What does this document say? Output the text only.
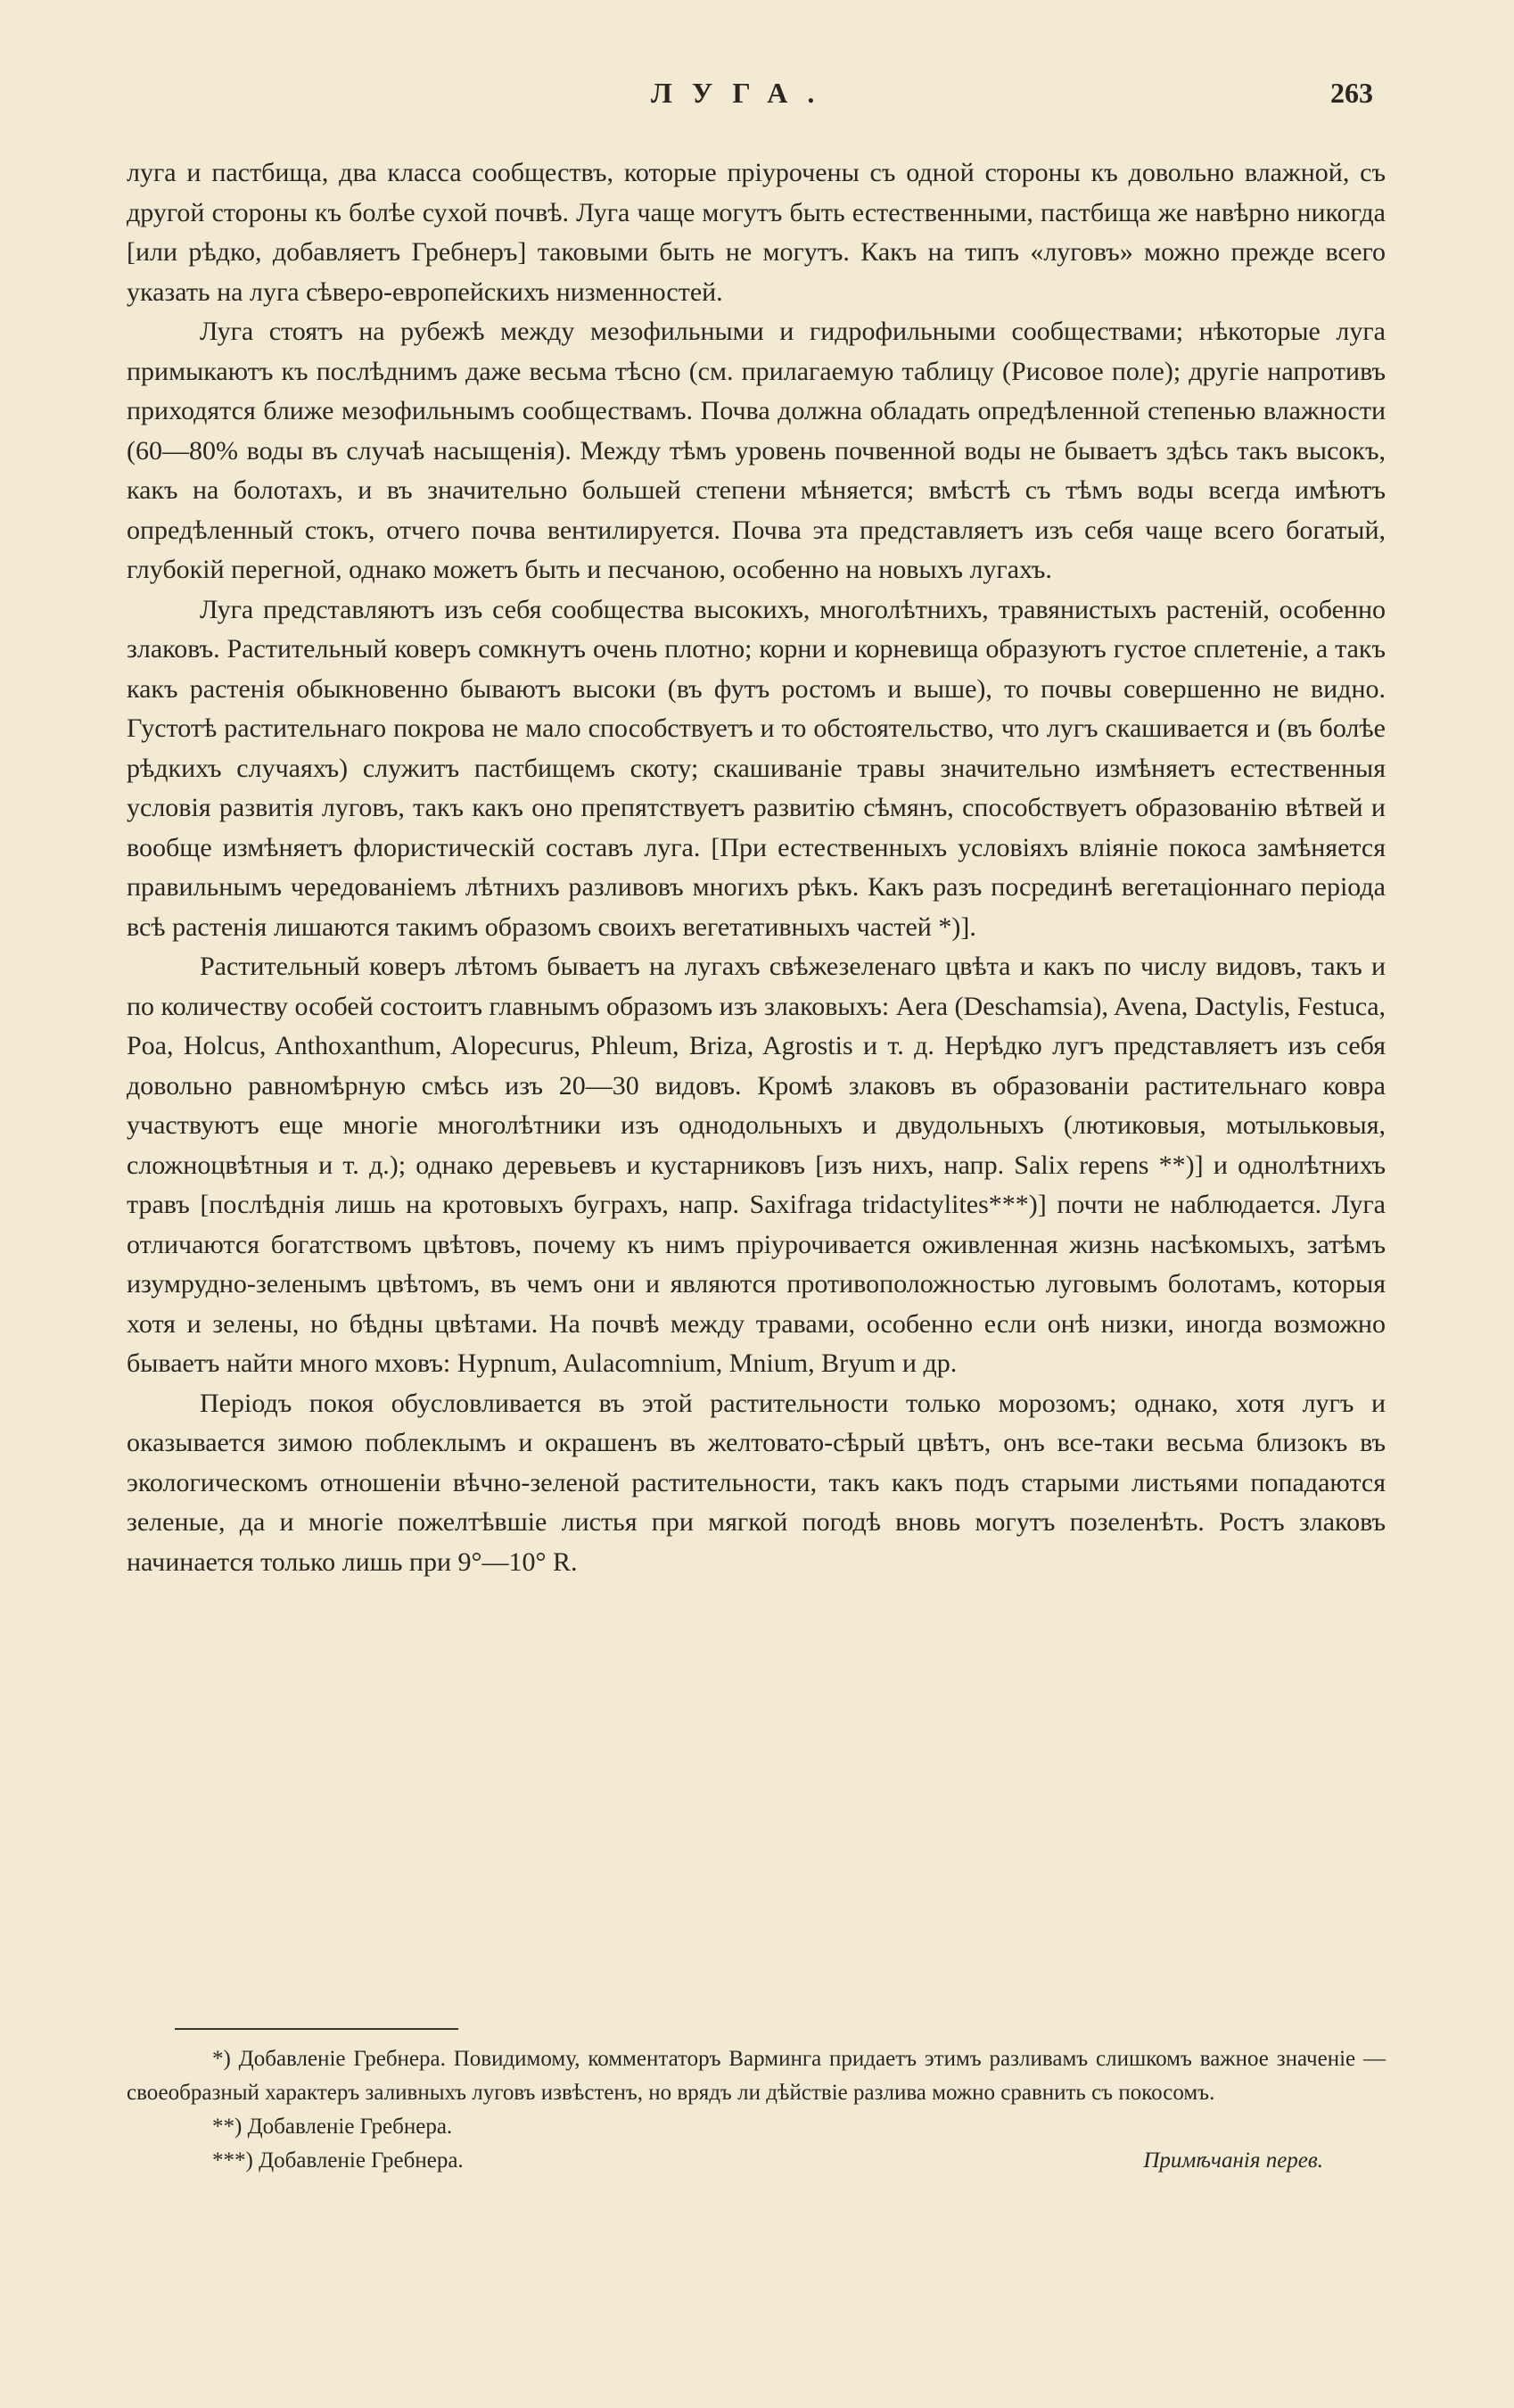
ЛУГА.	263

луга и пастбища, два класса сообществъ, которые пріурочены съ одной стороны къ довольно влажной, съ другой стороны къ болѣе сухой почвѣ. Луга чаще могутъ быть естественными, пастбища же навѣрно никогда [или рѣдко, добавляетъ Гребнеръ] таковыми быть не могутъ. Какъ на типъ «луговъ» можно прежде всего указать на луга сѣверо-европейскихъ низменностей.

Луга стоятъ на рубежѣ между мезофильными и гидрофильными сообществами; нѣкоторые луга примыкаютъ къ послѣднимъ даже весьма тѣсно (см. прилагаемую таблицу (Рисовое поле); другіе напротивъ приходятся ближе мезофильнымъ сообществамъ. Почва должна обладать опредѣленной степенью влажности (60—80% воды въ случаѣ насыщенія). Между тѣмъ уровень почвенной воды не бываетъ здѣсь такъ высокъ, какъ на болотахъ, и въ значительно большей степени мѣняется; вмѣстѣ съ тѣмъ воды всегда имѣютъ опредѣленный стокъ, отчего почва вентилируется. Почва эта представляетъ изъ себя чаще всего богатый, глубокій перегной, однако можетъ быть и песчаною, особенно на новыхъ лугахъ.

Луга представляютъ изъ себя сообщества высокихъ, многолѣтнихъ, травянистыхъ растеній, особенно злаковъ. Растительный коверъ сомкнутъ очень плотно; корни и корневища образуютъ густое сплетеніе, а такъ какъ растенія обыкновенно бываютъ высоки (въ футъ ростомъ и выше), то почвы совершенно не видно. Густотѣ растительнаго покрова не мало способствуетъ и то обстоятельство, что лугъ скашивается и (въ болѣе рѣдкихъ случаяхъ) служитъ пастбищемъ скоту; скашиваніе травы значительно измѣняетъ естественныя условія развитія луговъ, такъ какъ оно препятствуетъ развитію сѣмянъ, способствуетъ образованію вѣтвей и вообще измѣняетъ флористическій составъ луга. [При естественныхъ условіяхъ вліяніе покоса замѣняется правильнымъ чередованіемъ лѣтнихъ разливовъ многихъ рѣкъ. Какъ разъ посрединѣ вегетаціоннаго періода всѣ растенія лишаются такимъ образомъ своихъ вегетативныхъ частей *)].

Растительный коверъ лѣтомъ бываетъ на лугахъ свѣжезеленаго цвѣта и какъ по числу видовъ, такъ и по количеству особей состоитъ главнымъ образомъ изъ злаковыхъ: Aera (Deschamsia), Avena, Dactylis, Festuca, Poa, Holcus, Anthoxanthum, Alopecurus, Phleum, Briza, Agrostis и т. д. Нерѣдко лугъ представляетъ изъ себя довольно равномѣрную смѣсь изъ 20—30 видовъ. Кромѣ злаковъ въ образованіи растительнаго ковра участвуютъ еще многіе многолѣтники изъ однодольныхъ и двудольныхъ (лютиковыя, мотыльковыя, сложноцвѣтныя и т. д.); однако деревьевъ и кустарниковъ [изъ нихъ, напр. Salix repens **)] и однолѣтнихъ травъ [послѣднія лишь на кротовыхъ буграхъ, напр. Saxifraga tridactylites***)] почти не наблюдается. Луга отличаются богатствомъ цвѣтовъ, почему къ нимъ пріурочивается оживленная жизнь насѣкомыхъ, затѣмъ изумрудно-зеленымъ цвѣтомъ, въ чемъ они и являются противоположностью луговымъ болотамъ, которыя хотя и зелены, но бѣдны цвѣтами. На почвѣ между травами, особенно если онѣ низки, иногда возможно бываетъ найти много мховъ: Hypnum, Aulacomnium, Mnium, Bryum и др.

Періодъ покоя обусловливается въ этой растительности только морозомъ; однако, хотя лугъ и оказывается зимою поблеклымъ и окрашенъ въ желтовато-сѣрый цвѣтъ, онъ все-таки весьма близокъ въ экологическомъ отношеніи вѣчно-зеленой растительности, такъ какъ подъ старыми листьями попадаются зеленые, да и многіе пожелтѣвшіе листья при мягкой погодѣ вновь могутъ позеленѣть. Ростъ злаковъ начинается только лишь при 9°—10° R.

*) Добавленіе Гребнера. Повидимому, комментаторъ Варминга придаетъ этимъ разливамъ слишкомъ важное значеніе — своеобразный характеръ заливныхъ луговъ извѣстенъ, но врядъ ли дѣйствіе разлива можно сравнить съ покосомъ.

**) Добавленіе Гребнера.

***) Добавленіе Гребнера.	Примѣчанія перев.
